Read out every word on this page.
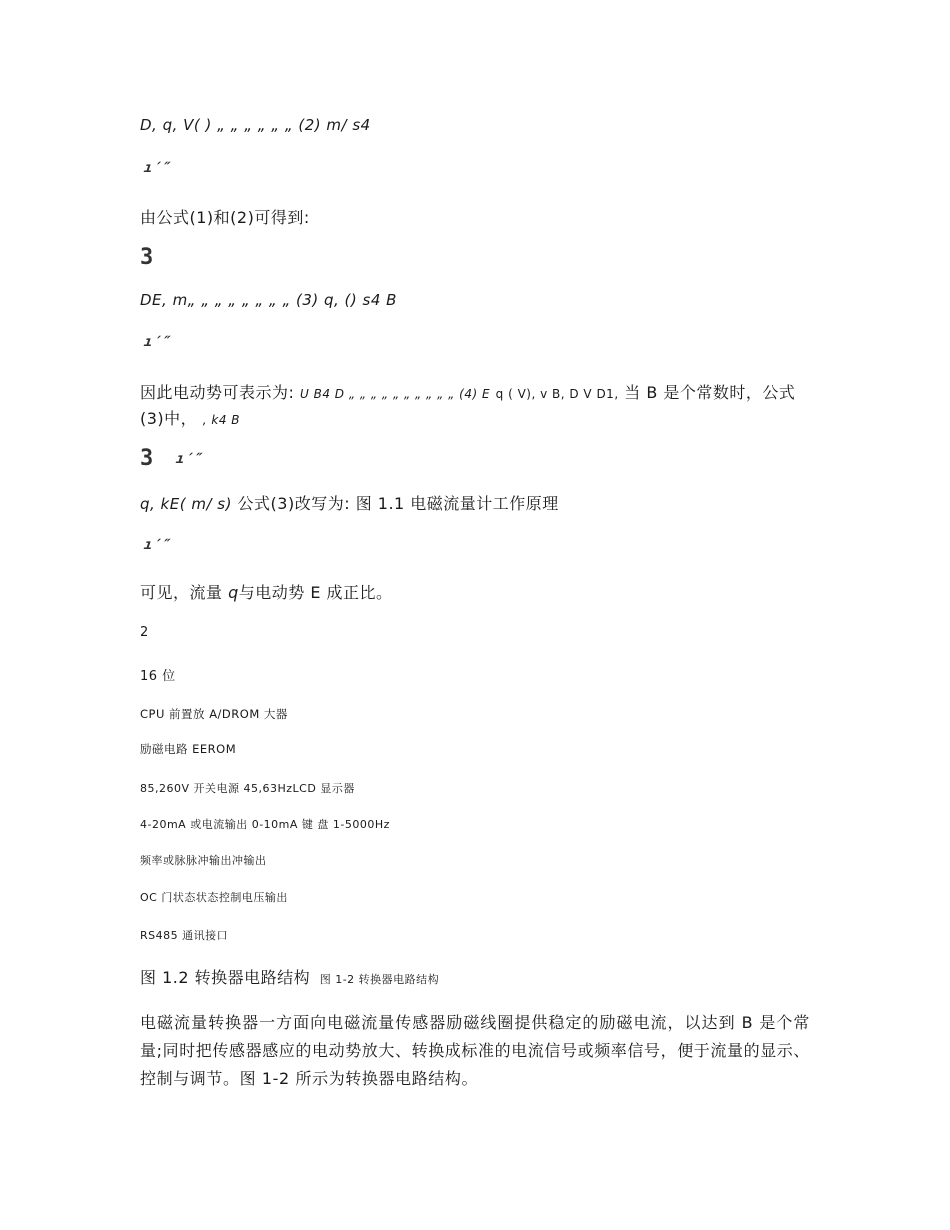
D, q, V( ) „ „ „ „ „ „ (2) m/ s4
ı′″
由公式(1)和(2)可得到:
3
DE, m„ „ „ „ „ „ „ „ (3) q, () s4 B
ı′″
因此电动势可表示为: U B4 D „ „ „ „ „ „ „ „ „ „ (4) E q ( V), v B, D V D1, 当 B 是个常数时，公式
(3)中， , k4 B
3 ı′″
q, kE( m/ s) 公式(3)改写为: 图 1.1 电磁流量计工作原理
ı′″
可见，流量 q与电动势 E 成正比。
2
16 位
CPU 前置放 A/DROM 大器
励磁电路 EEROM
85,260V 开关电源 45,63HzLCD 显示器
4-20mA 或电流输出 0-10mA 键 盘 1-5000Hz
频率或脉脉冲输出冲输出
OC 门状态状态控制电压输出
RS485 通讯接口
图 1.2 转换器电路结构 图 1-2 转换器电路结构
电磁流量转换器一方面向电磁流量传感器励磁线圈提供稳定的励磁电流，以达到 B 是个常量;同时把传感器感应的电动势放大、转换成标准的电流信号或频率信号，便于流量的显示、控制与调节。图 1-2 所示为转换器电路结构。
